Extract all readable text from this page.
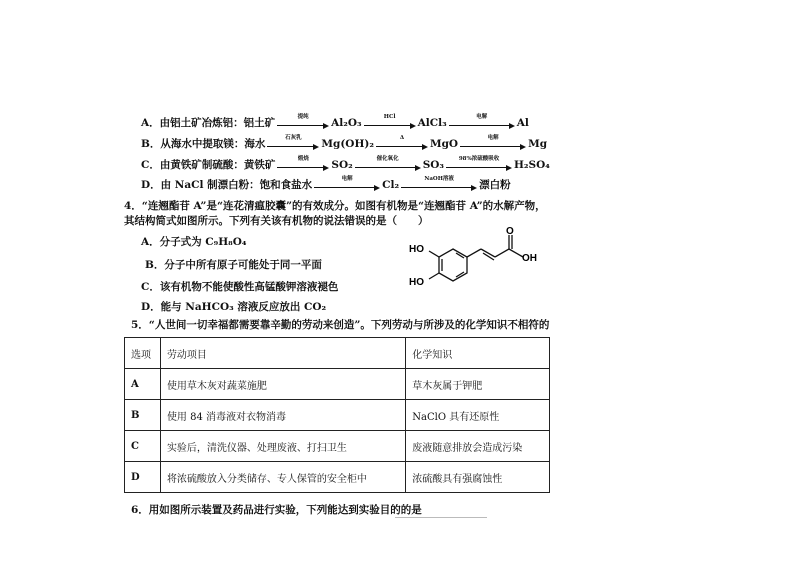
A．由铝土矿冶炼铝：铝土矿	提纯	Al₂O₃	HCl	AlCl₃	电解	Al
B．从海水中提取镁：海水	石灰乳	Mg(OH)₂	Δ	MgO	电解	Mg
C．由黄铁矿制硫酸：黄铁矿	煅烧	SO₂	催化氧化	SO₃	98%浓硫酸吸收	H₂SO₄
D．由 NaCl 制漂白粉：饱和食盐水	电解	Cl₂	NaOH溶液	漂白粉
4．“连翘酯苷 A”是“连花清瘟胶囊”的有效成分。如图有机物是“连翘酯苷 A”的水解产物，
其结构简式如图所示。下列有关该有机物的说法错误的是（　　）
A．分子式为 C₉H₈O₄
B．分子中所有原子可能处于同一平面
C．该有机物不能使酸性高锰酸钾溶液褪色
D．能与 NaHCO₃ 溶液反应放出 CO₂
HO
HO
O
OH
5．“人世间一切幸福都需要靠辛勤的劳动来创造”。下列劳动与所涉及的化学知识不相符的
选项	劳动项目	化学知识
A	使用草木灰对蔬菜施肥	草木灰属于钾肥
B	使用 84 消毒液对衣物消毒	NaClO 具有还原性
C	实验后，清洗仪器、处理废液、打扫卫生	废液随意排放会造成污染
D	将浓硫酸放入分类储存、专人保管的安全柜中	浓硫酸具有强腐蚀性
6．用如图所示装置及药品进行实验，下列能达到实验目的的是
